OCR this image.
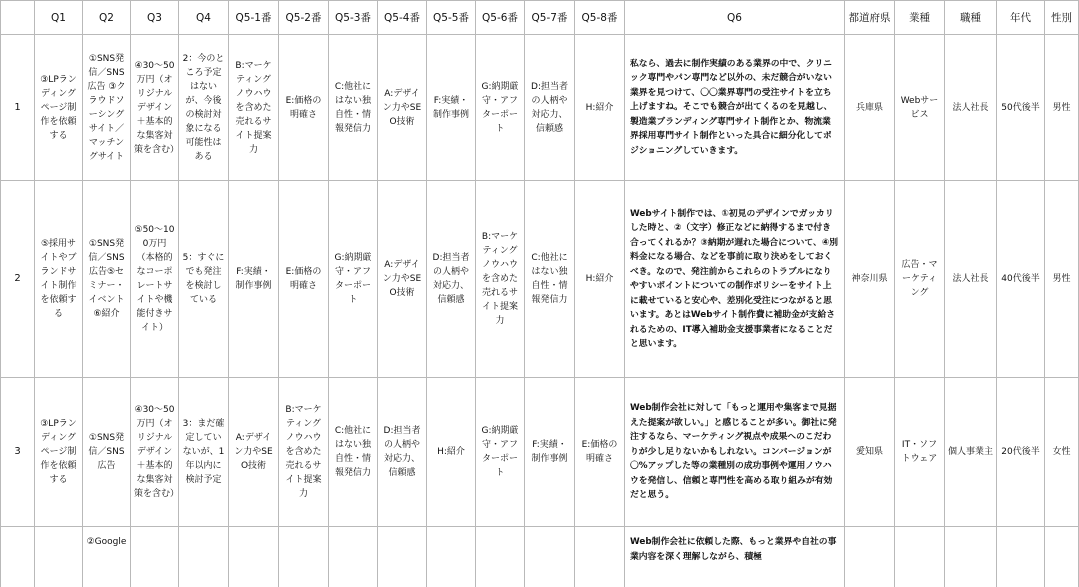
	Q1	Q2	Q3	Q4	Q5-1番	Q5-2番	Q5-3番	Q5-4番	Q5-5番	Q5-6番	Q5-7番	Q5-8番	Q6	都道府県	業種	職種	年代	性別
1	③LPランディングページ制作を依頼する	①SNS発信／SNS広告 ③クラウドソーシングサイト／マッチングサイト	④30～50万円（オリジナルデザイン＋基本的な集客対策を含む）	2：今のところ予定はないが、今後の検討対象になる可能性はある	B:マーケティングノウハウを含めた売れるサイト提案力	E:価格の明確さ	C:他社にはない独自性・情報発信力	A:デザイン力やSEO技術	F:実績・制作事例	G:納期厳守・アフターポート	D:担当者の人柄や対応力、信頼感	H:紹介	私なら、過去に制作実績のある業界の中で、クリニック専門やパン専門など以外の、未だ競合がいない業界を見つけて、〇〇業界専門の受注サイトを立ち上げますね。そこでも競合が出てくるのを見越し、製造業ブランディング専門サイト制作とか、物流業界採用専門サイト制作といった具合に細分化してポジショニングしていきます。	兵庫県	Webサービス	法人社長	50代後半	男性
2	⑤採用サイトやブランドサイト制作を依頼する	①SNS発信／SNS広告⑤セミナー・イベント ⑥紹介	⑤50～100万円（本格的なコーポレートサイトや機能付きサイト）	5：すぐにでも発注を検討している	F:実績・制作事例	E:価格の明確さ	G:納期厳守・アフターポート	A:デザイン力やSEO技術	D:担当者の人柄や対応力、信頼感	B:マーケティングノウハウを含めた売れるサイト提案力	C:他社にはない独自性・情報発信力	H:紹介	Webサイト制作では、①初見のデザインでガッカリした時と、②（文字）修正などに納得するまで付き合ってくれるか？③納期が遅れた場合について、④別料金になる場合、などを事前に取り決めをしておくべき。なので、発注前からこれらのトラブルになりやすいポイントについての制作ポリシーをサイト上に載せていると安心や、差別化受注につながると思います。あとはWebサイト制作費に補助金が支給されるための、IT導入補助金支援事業者になることだと思います。	神奈川県	広告・マーケティング	法人社長	40代後半	男性
3	③LPランディングページ制作を依頼する	①SNS発信／SNS広告	④30～50万円（オリジナルデザイン＋基本的な集客対策を含む）	3：まだ確定していないが、1年以内に検討予定	A:デザイン力やSEO技術	B:マーケティングノウハウを含めた売れるサイト提案力	C:他社にはない独自性・情報発信力	D:担当者の人柄や対応力、信頼感	H:紹介	G:納期厳守・アフターポート	F:実績・制作事例	E:価格の明確さ	Web制作会社に対して「もっと運用や集客まで見据えた提案が欲しい。」と感じることが多い。御社に発注するなら、マーケティング視点や成果へのこだわりが少し足りないかもしれない。コンバージョンが〇%アップした等の業種別の成功事例や運用ノウハウを発信し、信頼と専門性を高める取り組みが有効だと思う。	愛知県	IT・ソフトウェア	個人事業主	20代後半	女性
		②Google											Web制作会社に依頼した際、もっと業界や自社の事業内容を深く理解しながら、積極					
